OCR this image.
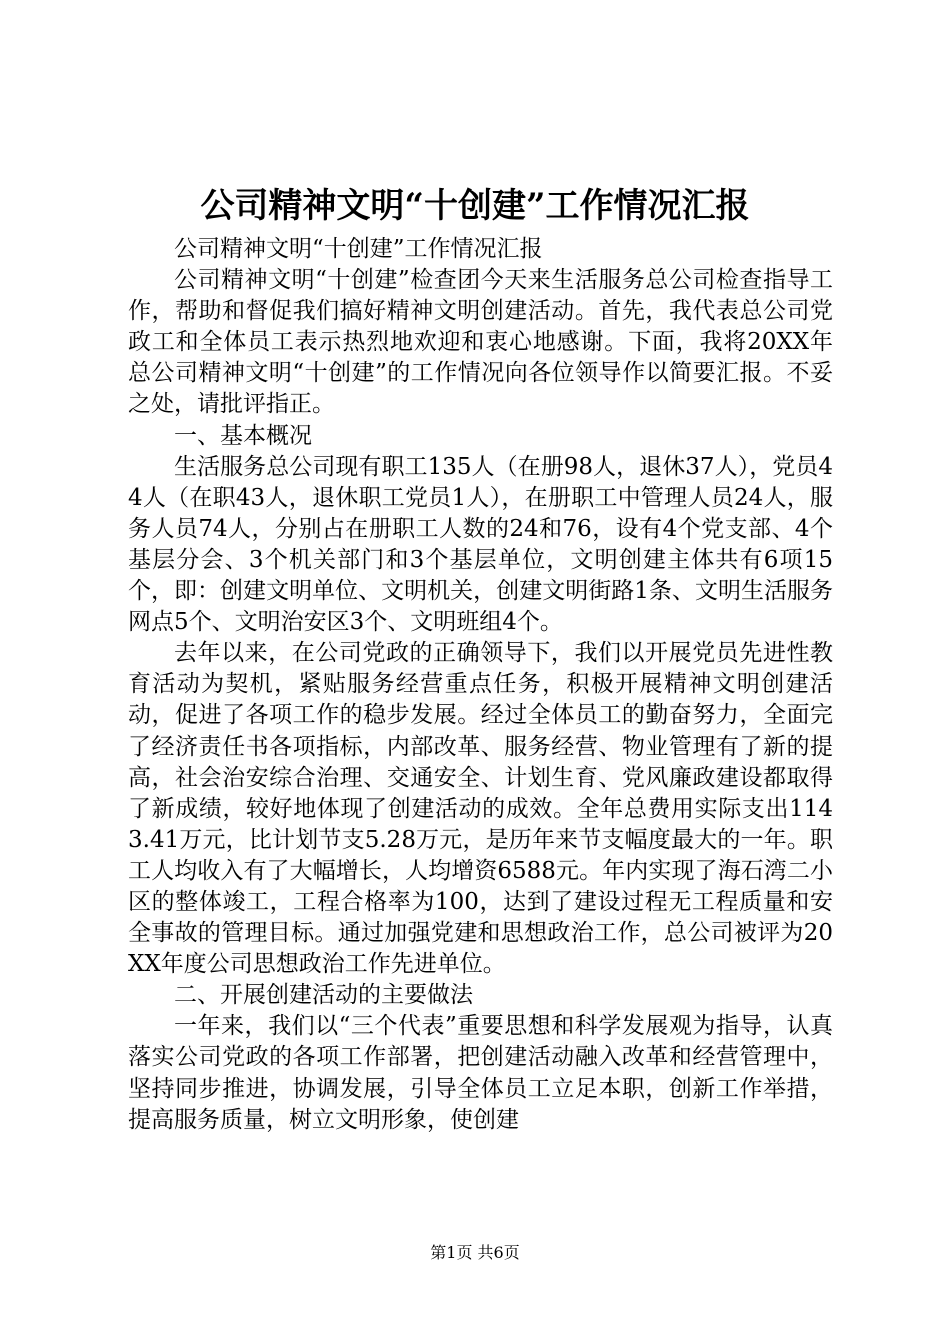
公司精神文明“十创建”工作情况汇报

公司精神文明“十创建”工作情况汇报

公司精神文明“十创建”检查团今天来生活服务总公司检查指导工作，帮助和督促我们搞好精神文明创建活动。首先，我代表总公司党政工和全体员工表示热烈地欢迎和衷心地感谢。下面，我将20XX年总公司精神文明“十创建”的工作情况向各位领导作以简要汇报。不妥之处，请批评指正。

一、基本概况

生活服务总公司现有职工135人（在册98人，退休37人），党员44人（在职43人，退休职工党员1人），在册职工中管理人员24人，服务人员74人，分别占在册职工人数的24和76，设有4个党支部、4个基层分会、3个机关部门和3个基层单位，文明创建主体共有6项15个，即：创建文明单位、文明机关，创建文明街路1条、文明生活服务网点5个、文明治安区3个、文明班组4个。

去年以来，在公司党政的正确领导下，我们以开展党员先进性教育活动为契机，紧贴服务经营重点任务，积极开展精神文明创建活动，促进了各项工作的稳步发展。经过全体员工的勤奋努力，全面完了经济责任书各项指标，内部改革、服务经营、物业管理有了新的提高，社会治安综合治理、交通安全、计划生育、党风廉政建设都取得了新成绩，较好地体现了创建活动的成效。全年总费用实际支出1143.41万元，比计划节支5.28万元，是历年来节支幅度最大的一年。职工人均收入有了大幅增长，人均增资6588元。年内实现了海石湾二小区的整体竣工，工程合格率为100，达到了建设过程无工程质量和安全事故的管理目标。通过加强党建和思想政治工作，总公司被评为20XX年度公司思想政治工作先进单位。

二、开展创建活动的主要做法

一年来，我们以“三个代表”重要思想和科学发展观为指导，认真落实公司党政的各项工作部署，把创建活动融入改革和经营管理中，坚持同步推进，协调发展，引导全体员工立足本职，创新工作举措，提高服务质量，树立文明形象，使创建

第1页 共6页
